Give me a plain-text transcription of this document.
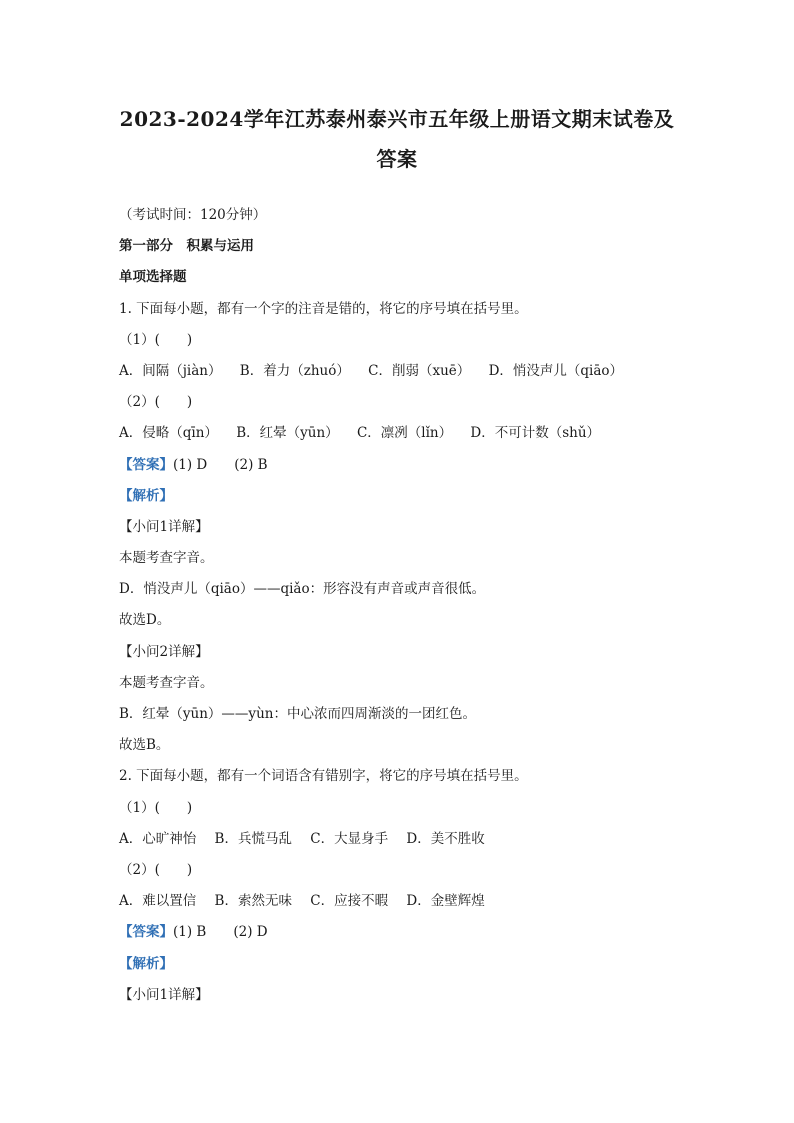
2023-2024学年江苏泰州泰兴市五年级上册语文期末试卷及
答案
（考试时间：120分钟）
第一部分　积累与运用
单项选择题
1. 下面每小题，都有一个字的注音是错的，将它的序号填在括号里。
（1）(　　)
A．间隔（jiàn） B．着力（zhuó） C．削弱（xuē） D．悄没声儿（qiāo）
（2）(　　)
A．侵略（qīn） B．红晕（yūn） C．凛冽（lǐn） D．不可计数（shǔ）
【答案】(1) D　　(2) B
【解析】
【小问1详解】
本题考查字音。
D．悄没声儿（qiāo）——qiǎo：形容没有声音或声音很低。
故选D。
【小问2详解】
本题考查字音。
B．红晕（yūn）——yùn：中心浓而四周渐淡的一团红色。
故选B。
2. 下面每小题，都有一个词语含有错别字，将它的序号填在括号里。
（1）(　　)
A．心旷神怡 B．兵慌马乱 C．大显身手 D．美不胜收
（2）(　　)
A．难以置信 B．索然无味 C．应接不暇 D．金壁辉煌
【答案】(1) B　　(2) D
【解析】
【小问1详解】
